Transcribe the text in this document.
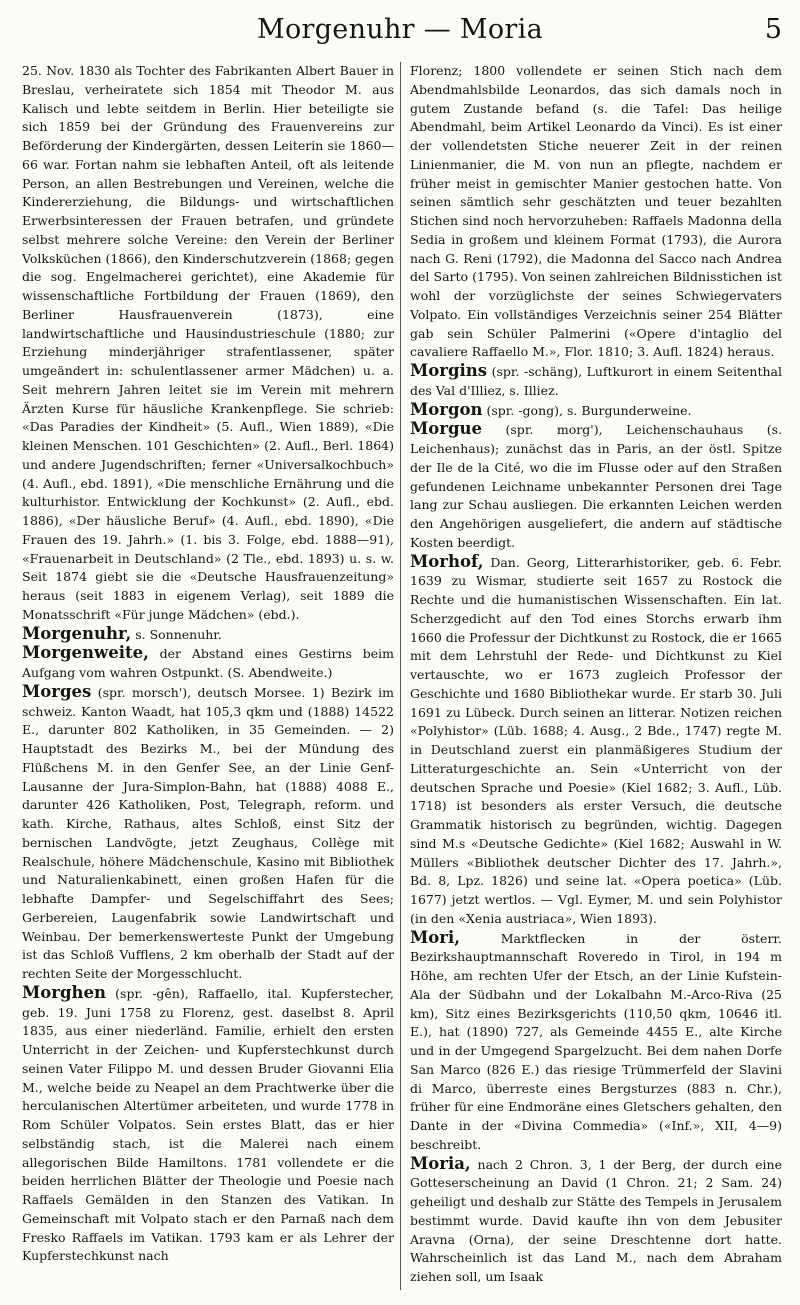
Morgenuhr — Moria	5

25. Nov. 1830 als Tochter des Fabrikanten Albert Bauer in Breslau, verheiratete sich 1854 mit Theodor M. aus Kalisch und lebte seitdem in Berlin. Hier beteiligte sie sich 1859 bei der Gründung des Frauenvereins zur Beförderung der Kindergärten, dessen Leiterin sie 1860—66 war. Fortan nahm sie lebhaften Anteil, oft als leitende Person, an allen Bestrebungen und Vereinen, welche die Kindererziehung, die Bildungs- und wirtschaftlichen Erwerbsinteressen der Frauen betrafen, und gründete selbst mehrere solche Vereine: den Verein der Berliner Volksküchen (1866), den Kinderschutzverein (1868; gegen die sog. Engelmacherei gerichtet), eine Akademie für wissenschaftliche Fortbildung der Frauen (1869), den Berliner Hausfrauenverein (1873), eine landwirtschaftliche und Hausindustrieschule (1880; zur Erziehung minderjähriger strafentlassener, später umgeändert in: schulentlassener armer Mädchen) u. a. Seit mehrern Jahren leitet sie im Verein mit mehrern Ärzten Kurse für häusliche Krankenpflege. Sie schrieb: «Das Paradies der Kindheit» (5. Aufl., Wien 1889), «Die kleinen Menschen. 101 Geschichten» (2. Aufl., Berl. 1864) und andere Jugendschriften; ferner «Universalkochbuch» (4. Aufl., ebd. 1891), «Die menschliche Ernährung und die kulturhistor. Entwicklung der Kochkunst» (2. Aufl., ebd. 1886), «Der häusliche Beruf» (4. Aufl., ebd. 1890), «Die Frauen des 19. Jahrh.» (1. bis 3. Folge, ebd. 1888—91), «Frauenarbeit in Deutschland» (2 Tle., ebd. 1893) u. s. w. Seit 1874 giebt sie die «Deutsche Hausfrauenzeitung» heraus (seit 1883 in eigenem Verlag), seit 1889 die Monatsschrift «Für junge Mädchen» (ebd.).

Morgenuhr, s. Sonnenuhr.

Morgenweite, der Abstand eines Gestirns beim Aufgang vom wahren Ostpunkt. (S. Abendweite.)

Morges (spr. morsch'), deutsch Morsee. 1) Bezirk im schweiz. Kanton Waadt, hat 105,3 qkm und (1888) 14522 E., darunter 802 Katholiken, in 35 Gemeinden. — 2) Hauptstadt des Bezirks M., bei der Mündung des Flüßchens M. in den Genfer See, an der Linie Genf-Lausanne der Jura-Simplon-Bahn, hat (1888) 4088 E., darunter 426 Katholiken, Post, Telegraph, reform. und kath. Kirche, Rathaus, altes Schloß, einst Sitz der bernischen Landvögte, jetzt Zeughaus, Collège mit Realschule, höhere Mädchenschule, Kasino mit Bibliothek und Naturalienkabinett, einen großen Hafen für die lebhafte Dampfer- und Segelschiffahrt des Sees; Gerbereien, Laugenfabrik sowie Landwirtschaft und Weinbau. Der bemerkenswerteste Punkt der Umgebung ist das Schloß Vufflens, 2 km oberhalb der Stadt auf der rechten Seite der Morgesschlucht.

Morghen (spr. -gên), Raffaello, ital. Kupferstecher, geb. 19. Juni 1758 zu Florenz, gest. daselbst 8. April 1835, aus einer niederländ. Familie, erhielt den ersten Unterricht in der Zeichen- und Kupferstechkunst durch seinen Vater Filippo M. und dessen Bruder Giovanni Elia M., welche beide zu Neapel an dem Prachtwerke über die herculanischen Altertümer arbeiteten, und wurde 1778 in Rom Schüler Volpatos. Sein erstes Blatt, das er hier selbständig stach, ist die Malerei nach einem allegorischen Bilde Hamiltons. 1781 vollendete er die beiden herrlichen Blätter der Theologie und Poesie nach Raffaels Gemälden in den Stanzen des Vatikan. In Gemeinschaft mit Volpato stach er den Parnaß nach dem Fresko Raffaels im Vatikan. 1793 kam er als Lehrer der Kupferstechkunst nach

Florenz; 1800 vollendete er seinen Stich nach dem Abendmahlsbilde Leonardos, das sich damals noch in gutem Zustande befand (s. die Tafel: Das heilige Abendmahl, beim Artikel Leonardo da Vinci). Es ist einer der vollendetsten Stiche neuerer Zeit in der reinen Linienmanier, die M. von nun an pflegte, nachdem er früher meist in gemischter Manier gestochen hatte. Von seinen sämtlich sehr geschätzten und teuer bezahlten Stichen sind noch hervorzuheben: Raffaels Madonna della Sedia in großem und kleinem Format (1793), die Aurora nach G. Reni (1792), die Madonna del Sacco nach Andrea del Sarto (1795). Von seinen zahlreichen Bildnisstichen ist wohl der vorzüglichste der seines Schwiegervaters Volpato. Ein vollständiges Verzeichnis seiner 254 Blätter gab sein Schüler Palmerini («Opere d'intaglio del cavaliere Raffaello M.», Flor. 1810; 3. Aufl. 1824) heraus.

Morgins (spr. -schäng), Luftkurort in einem Seitenthal des Val d'Illiez, s. Illiez.

Morgon (spr. -gong), s. Burgunderweine.

Morgue (spr. morg'), Leichenschauhaus (s. Leichenhaus); zunächst das in Paris, an der östl. Spitze der Ile de la Cité, wo die im Flusse oder auf den Straßen gefundenen Leichname unbekannter Personen drei Tage lang zur Schau ausliegen. Die erkannten Leichen werden den Angehörigen ausgeliefert, die andern auf städtische Kosten beerdigt.

Morhof, Dan. Georg, Litterarhistoriker, geb. 6. Febr. 1639 zu Wismar, studierte seit 1657 zu Rostock die Rechte und die humanistischen Wissenschaften. Ein lat. Scherzgedicht auf den Tod eines Storchs erwarb ihm 1660 die Professur der Dichtkunst zu Rostock, die er 1665 mit dem Lehrstuhl der Rede- und Dichtkunst zu Kiel vertauschte, wo er 1673 zugleich Professor der Geschichte und 1680 Bibliothekar wurde. Er starb 30. Juli 1691 zu Lübeck. Durch seinen an litterar. Notizen reichen «Polyhistor» (Lüb. 1688; 4. Ausg., 2 Bde., 1747) regte M. in Deutschland zuerst ein planmäßigeres Studium der Litteraturgeschichte an. Sein «Unterricht von der deutschen Sprache und Poesie» (Kiel 1682; 3. Aufl., Lüb. 1718) ist besonders als erster Versuch, die deutsche Grammatik historisch zu begründen, wichtig. Dagegen sind M.s «Deutsche Gedichte» (Kiel 1682; Auswahl in W. Müllers «Bibliothek deutscher Dichter des 17. Jahrh.», Bd. 8, Lpz. 1826) und seine lat. «Opera poetica» (Lüb. 1677) jetzt wertlos. — Vgl. Eymer, M. und sein Polyhistor (in den «Xenia austriaca», Wien 1893).

Mori, Marktflecken in der österr. Bezirkshauptmannschaft Roveredo in Tirol, in 194 m Höhe, am rechten Ufer der Etsch, an der Linie Kufstein-Ala der Südbahn und der Lokalbahn M.-Arco-Riva (25 km), Sitz eines Bezirksgerichts (110,50 qkm, 10646 itl. E.), hat (1890) 727, als Gemeinde 4455 E., alte Kirche und in der Umgegend Spargelzucht. Bei dem nahen Dorfe San Marco (826 E.) das riesige Trümmerfeld der Slavini di Marco, überreste eines Bergsturzes (883 n. Chr.), früher für eine Endmoräne eines Gletschers gehalten, den Dante in der «Divina Commedia» («Inf.», XII, 4—9) beschreibt.

Moria, nach 2 Chron. 3, 1 der Berg, der durch eine Gotteserscheinung an David (1 Chron. 21; 2 Sam. 24) geheiligt und deshalb zur Stätte des Tempels in Jerusalem bestimmt wurde. David kaufte ihn von dem Jebusiter Aravna (Orna), der seine Dreschtenne dort hatte. Wahrscheinlich ist das Land M., nach dem Abraham ziehen soll, um Isaak
